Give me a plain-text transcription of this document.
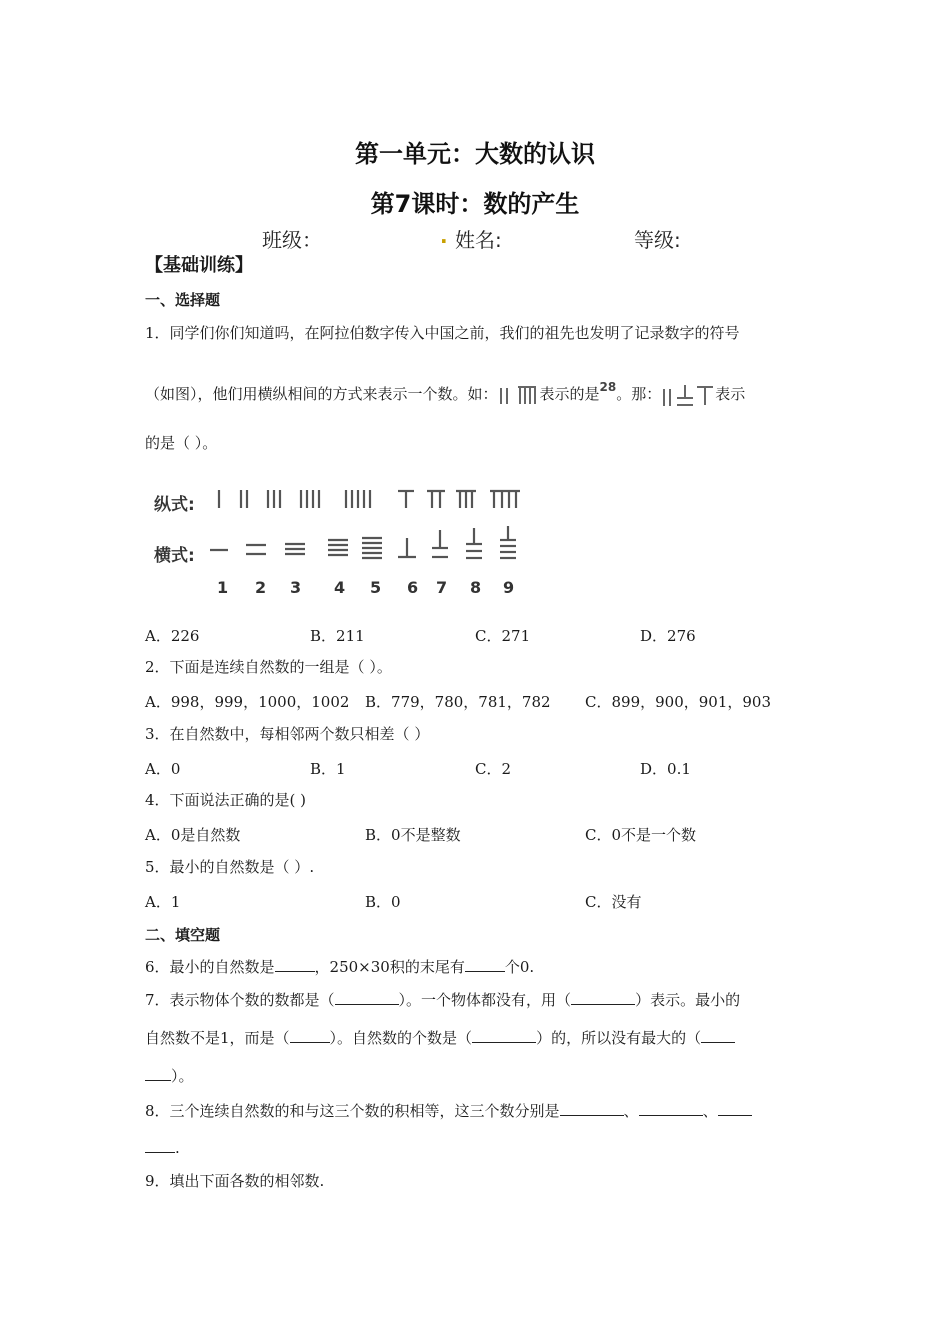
第一单元：大数的认识
第7课时：数的产生
班级：	. 姓名:	等级:
【基础训练】
一、选择题
1．同学们你们知道吗，在阿拉伯数字传入中国之前，我们的祖先也发明了记录数字的符号
（如图），他们用横纵相间的方式来表示一个数。如：	表示的是$^{28}$。那：	表示
的是（ ）。
纵式:
横式:
1 2 3 4 5 6 7 8 9
A．226	B．211	C．271	D．276
2．下面是连续自然数的一组是（ ）。
A．998，999，1000，1002 B．779，780，781，782 C．899，900，901，903
3．在自然数中，每相邻两个数只相差（ ）
A．0	B．1	C．2	D．0.1
4．下面说法正确的是( )
A．0是自然数	B．0不是整数	C．0不是一个数
5．最小的自然数是（ ）.
A．1	B．0	C．没有
二、填空题
6．最小的自然数是	，250×30积的末尾有	个0.
7．表示物体个数的数都是（	）。一个物体都没有，用（	）表示。最小的
自然数不是1，而是（	）。自然数的个数是（	）的，所以没有最大的（
）。
8．三个连续自然数的和与这三个数的积相等，这三个数分别是	、	、
.
9．填出下面各数的相邻数.
